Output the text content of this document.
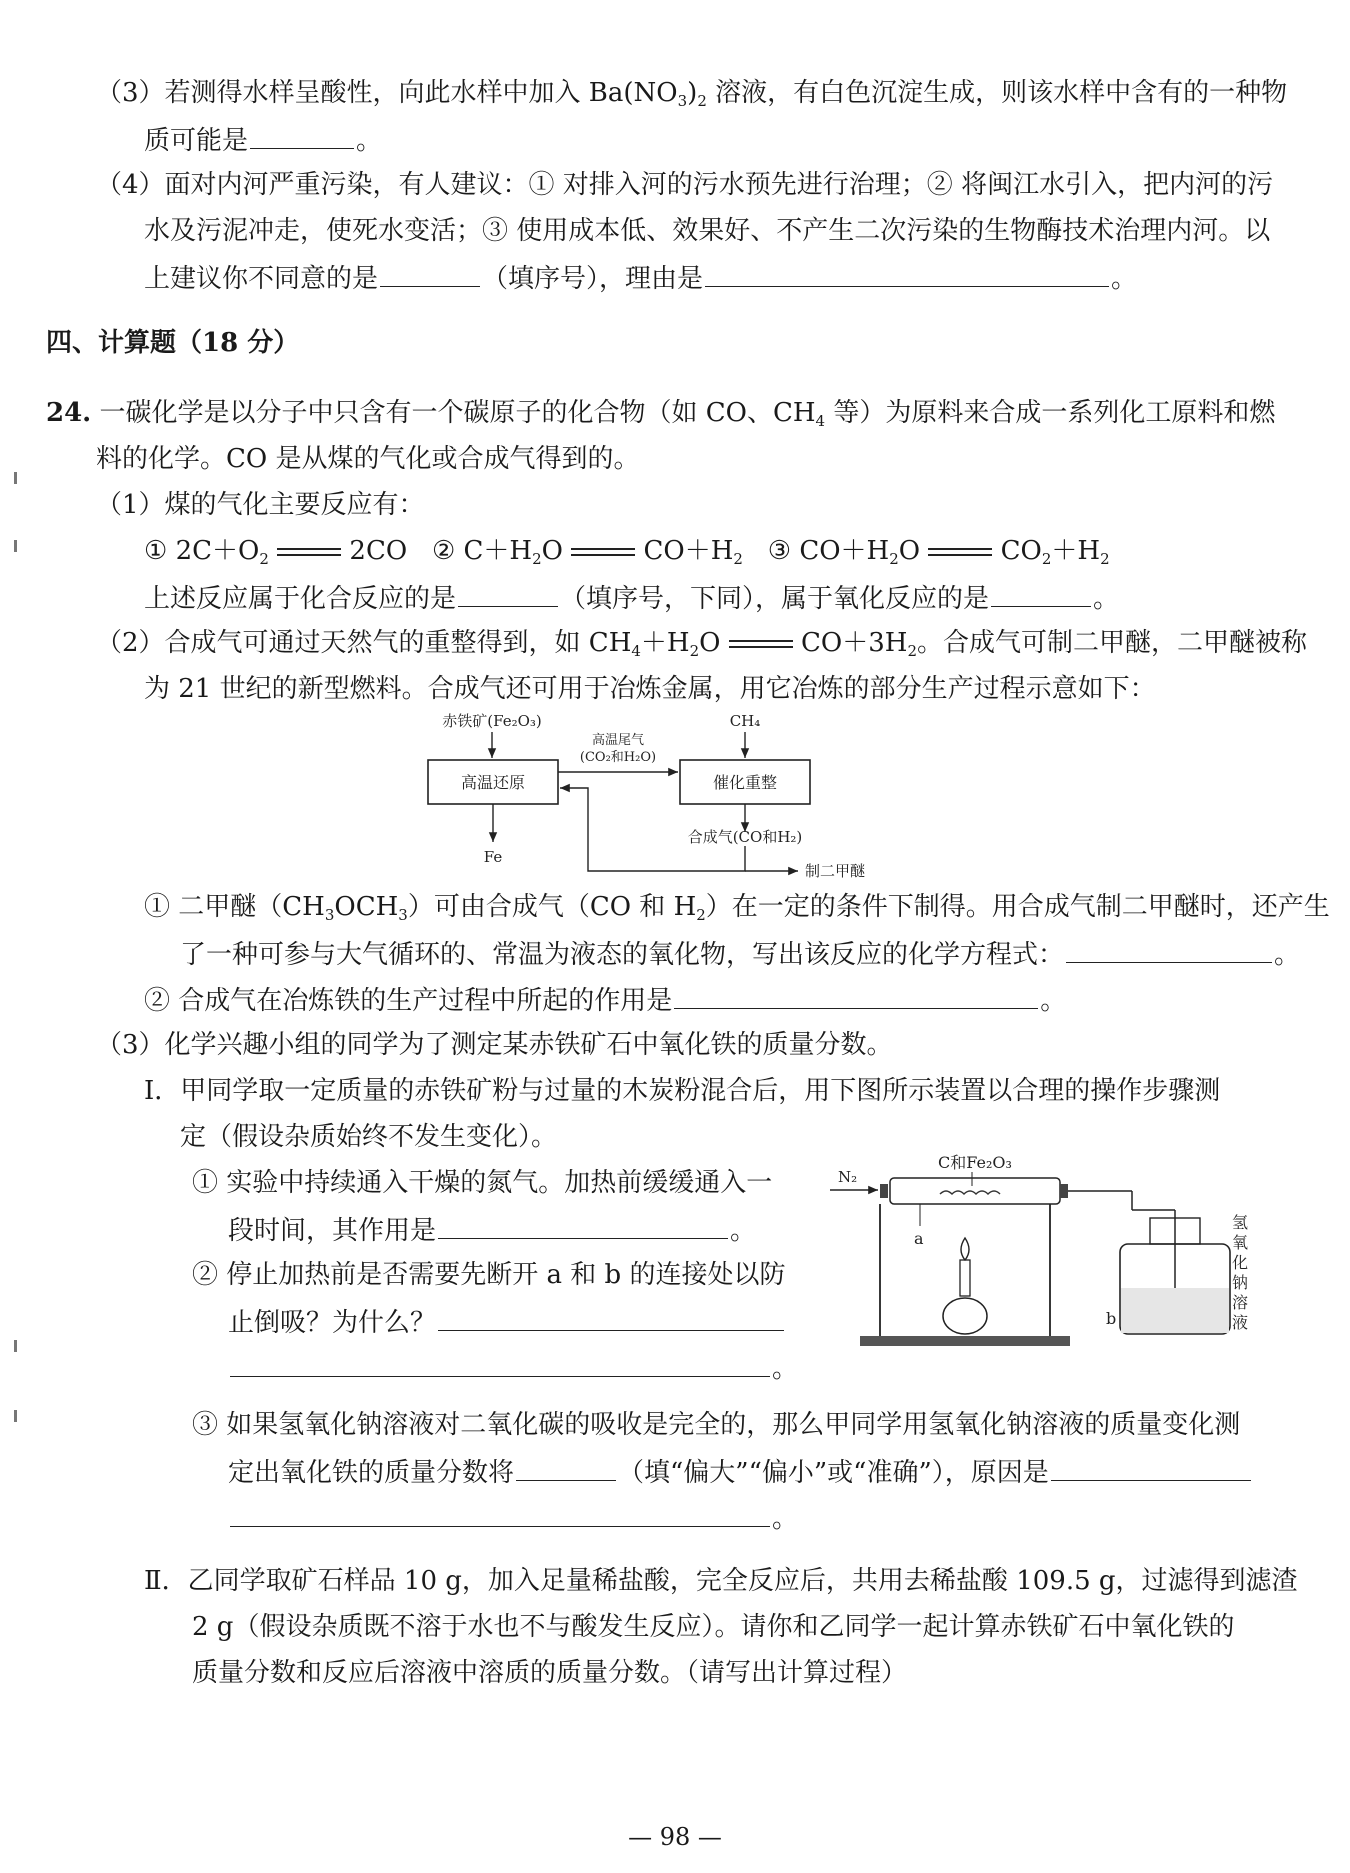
（3）若测得水样呈酸性，向此水样中加入 $Ba(NO_3)_2$ 溶液，有白色沉淀生成，则该水样中含有的一种物
质可能是	。
（4）面对内河严重污染，有人建议：① 对排入河的污水预先进行治理；② 将闽江水引入，把内河的污
水及污泥冲走，使死水变活；③ 使用成本低、效果好、不产生二次污染的生物酶技术治理内河。以
上建议你不同意的是	（填序号），理由是	。
四、计算题（18 分）
24. 一碳化学是以分子中只含有一个碳原子的化合物（如 CO、$CH_4$ 等）为原料来合成一系列化工原料和燃
料的化学。CO 是从煤的气化或合成气得到的。
（1）煤的气化主要反应有：
① $2C+O_2$	2CO ② $C+H_2O$	$CO+H_2$ ③ $CO+H_2O$	$CO_2+H_2$
上述反应属于化合反应的是	（填序号，下同），属于氧化反应的是	。
（2）合成气可通过天然气的重整得到，如 $CH_4+H_2O$	$CO+3H_2$。合成气可制二甲醚，二甲醚被称
为 21 世纪的新型燃料。合成气还可用于冶炼金属，用它冶炼的部分生产过程示意如下：
赤铁矿(Fe₂O₃)	CH₄
高温还原	催化重整
高温尾气
(CO₂和H₂O)
Fe
合成气(CO和H₂)
制二甲醚
① 二甲醚$(CH_3OCH_3)$可由合成气（CO 和 $H_2$）在一定的条件下制得。用合成气制二甲醚时，还产生
了一种可参与大气循环的、常温为液态的氧化物，写出该反应的化学方程式：	。
② 合成气在冶炼铁的生产过程中所起的作用是	。
（3）化学兴趣小组的同学为了测定某赤铁矿石中氧化铁的质量分数。
Ⅰ．甲同学取一定质量的赤铁矿粉与过量的木炭粉混合后，用下图所示装置以合理的操作步骤测
定（假设杂质始终不发生变化）。
① 实验中持续通入干燥的氮气。加热前缓缓通入一
段时间，其作用是	。
② 停止加热前是否需要先断开 a 和 b 的连接处以防
止倒吸？为什么？
。
N₂
C和Fe₂O₃
a
b
氢
氧
化
钠
溶
液
③ 如果氢氧化钠溶液对二氧化碳的吸收是完全的，那么甲同学用氢氧化钠溶液的质量变化测
定出氧化铁的质量分数将	（填“偏大”“偏小”或“准确”），原因是
。
Ⅱ．乙同学取矿石样品 10 g，加入足量稀盐酸，完全反应后，共用去稀盐酸 109.5 g，过滤得到滤渣
2 g（假设杂质既不溶于水也不与酸发生反应）。请你和乙同学一起计算赤铁矿石中氧化铁的
质量分数和反应后溶液中溶质的质量分数。（请写出计算过程）
— 98 —
